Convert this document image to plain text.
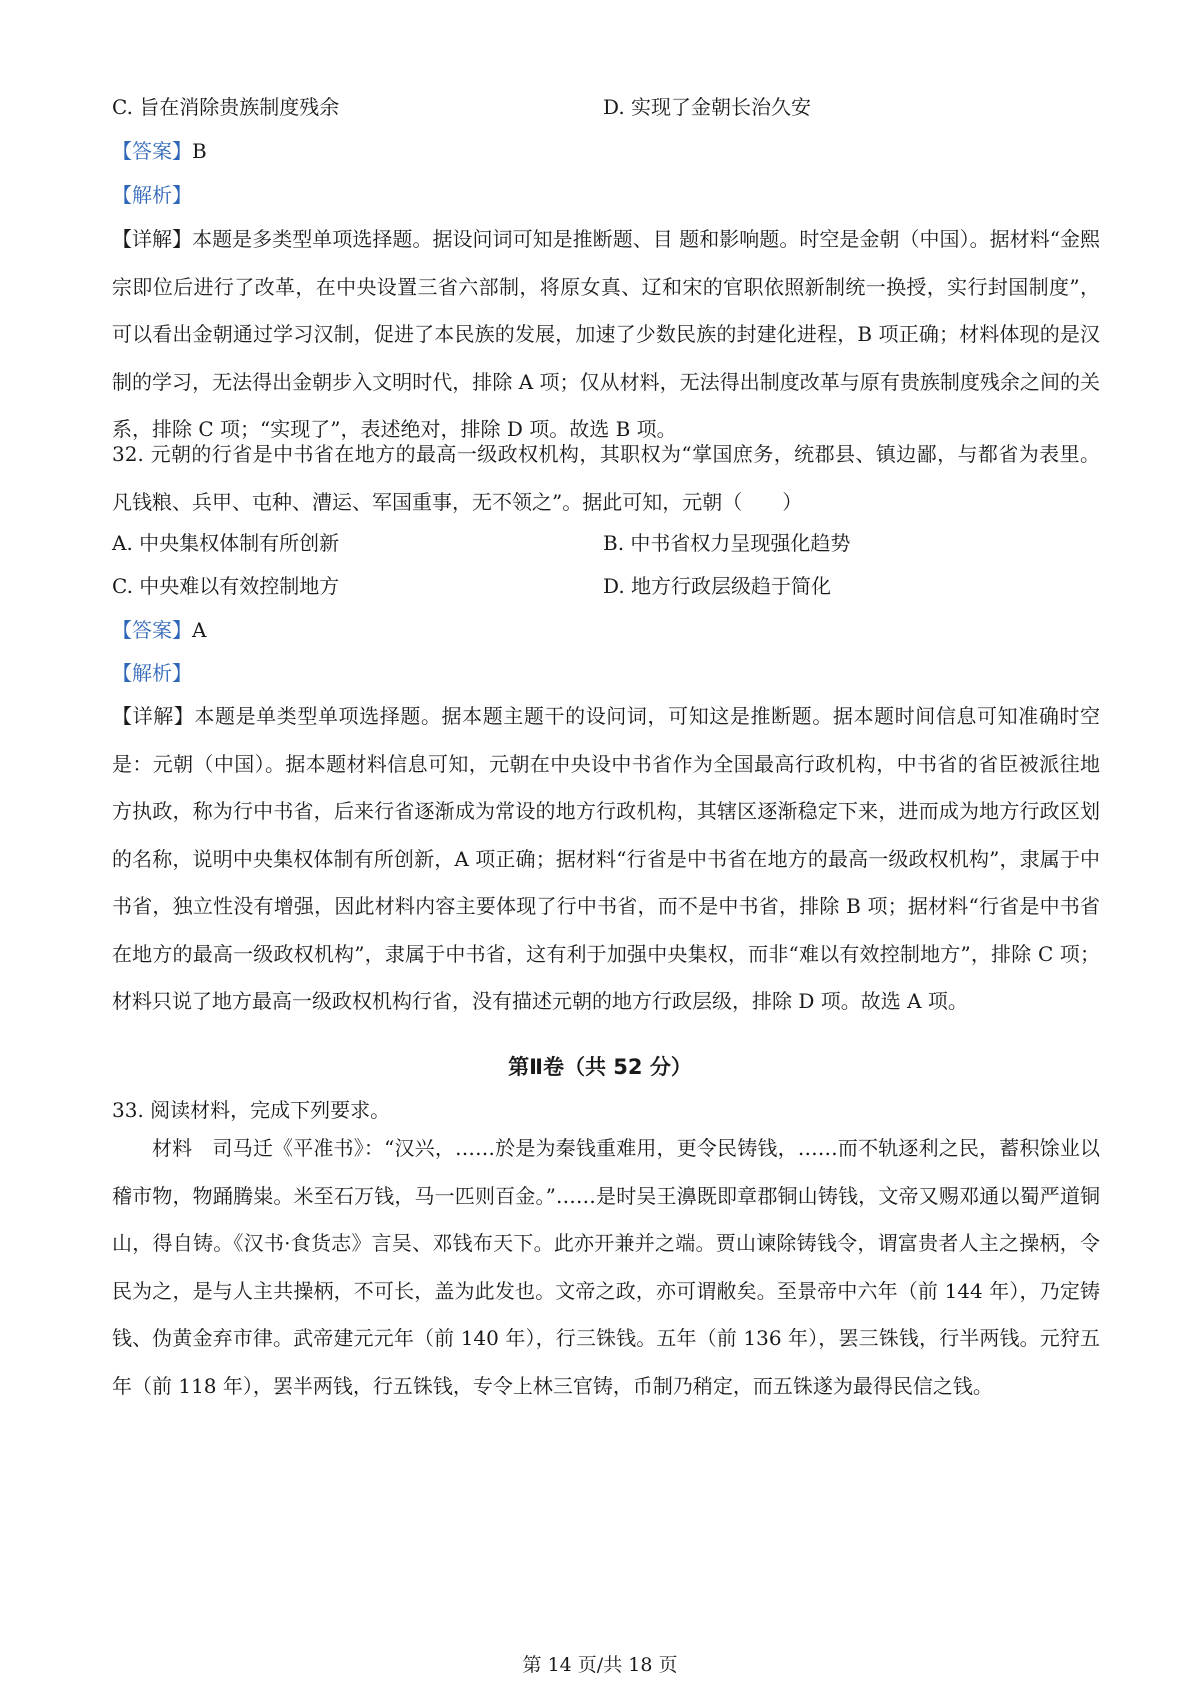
C. 旨在消除贵族制度残余	D. 实现了金朝长治久安
【答案】B
【解析】
【详解】本题是多类型单项选择题。据设问词可知是推断题、目 题和影响题。时空是金朝（中国）。据材料“金熙宗即位后进行了改革，在中央设置三省六部制，将原女真、辽和宋的官职依照新制统一换授，实行封国制度”，可以看出金朝通过学习汉制，促进了本民族的发展，加速了少数民族的封建化进程，B 项正确；材料体现的是汉制的学习，无法得出金朝步入文明时代，排除 A 项；仅从材料，无法得出制度改革与原有贵族制度残余之间的关系，排除 C 项；“实现了”，表述绝对，排除 D 项。故选 B 项。
32. 元朝的行省是中书省在地方的最高一级政权机构，其职权为“掌国庶务，统郡县、镇边鄙，与都省为表里。凡钱粮、兵甲、屯种、漕运、军国重事，无不领之”。据此可知，元朝（　　）
A. 中央集权体制有所创新	B. 中书省权力呈现强化趋势
C. 中央难以有效控制地方	D. 地方行政层级趋于简化
【答案】A
【解析】
【详解】本题是单类型单项选择题。据本题主题干的设问词，可知这是推断题。据本题时间信息可知准确时空是：元朝（中国）。据本题材料信息可知，元朝在中央设中书省作为全国最高行政机构，中书省的省臣被派往地方执政，称为行中书省，后来行省逐渐成为常设的地方行政机构，其辖区逐渐稳定下来，进而成为地方行政区划的名称，说明中央集权体制有所创新，A 项正确；据材料“行省是中书省在地方的最高一级政权机构”，隶属于中书省，独立性没有增强，因此材料内容主要体现了行中书省，而不是中书省，排除 B 项；据材料“行省是中书省在地方的最高一级政权机构”，隶属于中书省，这有利于加强中央集权，而非“难以有效控制地方”，排除 C 项；材料只说了地方最高一级政权机构行省，没有描述元朝的地方行政层级，排除 D 项。故选 A 项。
第Ⅱ卷（共 52 分）
33. 阅读材料，完成下列要求。
材料　司马迁《平准书》：“汉兴，……於是为秦钱重难用，更令民铸钱，……而不轨逐利之民，蓄积馀业以稽市物，物踊腾粜。米至石万钱，马一匹则百金。”……是时吴王濞既即章郡铜山铸钱，文帝又赐邓通以蜀严道铜山，得自铸。《汉书·食货志》言吴、邓钱布天下。此亦开兼并之端。贾山谏除铸钱令，谓富贵者人主之操柄，令民为之，是与人主共操柄，不可长，盖为此发也。文帝之政，亦可谓敝矣。至景帝中六年（前 144 年），乃定铸钱、伪黄金弃市律。武帝建元元年（前 140 年），行三铢钱。五年（前 136 年），罢三铢钱，行半两钱。元狩五年（前 118 年），罢半两钱，行五铢钱，专令上林三官铸，币制乃稍定，而五铢遂为最得民信之钱。
第 14 页/共 18 页
